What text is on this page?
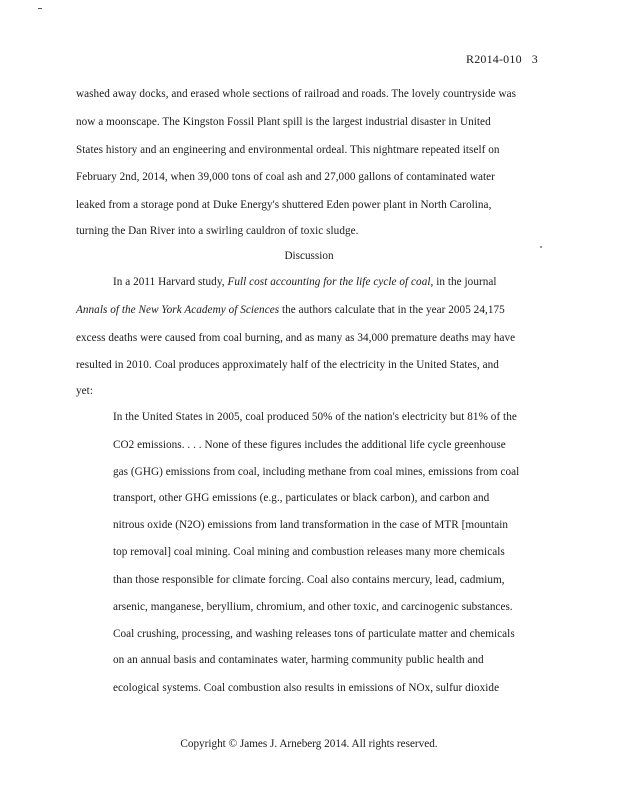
R2014-010 3
washed away docks, and erased whole sections of railroad and roads. The lovely countryside was
now a moonscape. The Kingston Fossil Plant spill is the largest industrial disaster in United
States history and an engineering and environmental ordeal. This nightmare repeated itself on
February 2nd, 2014, when 39,000 tons of coal ash and 27,000 gallons of contaminated water
leaked from a storage pond at Duke Energy's shuttered Eden power plant in North Carolina,
turning the Dan River into a swirling cauldron of toxic sludge.
Discussion
In a 2011 Harvard study, Full cost accounting for the life cycle of coal, in the journal
Annals of the New York Academy of Sciences the authors calculate that in the year 2005 24,175
excess deaths were caused from coal burning, and as many as 34,000 premature deaths may have
resulted in 2010. Coal produces approximately half of the electricity in the United States, and
yet:
In the United States in 2005, coal produced 50% of the nation's electricity but 81% of the
CO2 emissions. . . . None of these figures includes the additional life cycle greenhouse
gas (GHG) emissions from coal, including methane from coal mines, emissions from coal
transport, other GHG emissions (e.g., particulates or black carbon), and carbon and
nitrous oxide (N2O) emissions from land transformation in the case of MTR [mountain
top removal] coal mining. Coal mining and combustion releases many more chemicals
than those responsible for climate forcing. Coal also contains mercury, lead, cadmium,
arsenic, manganese, beryllium, chromium, and other toxic, and carcinogenic substances.
Coal crushing, processing, and washing releases tons of particulate matter and chemicals
on an annual basis and contaminates water, harming community public health and
ecological systems. Coal combustion also results in emissions of NOx, sulfur dioxide
Copyright © James J. Arneberg 2014. All rights reserved.
